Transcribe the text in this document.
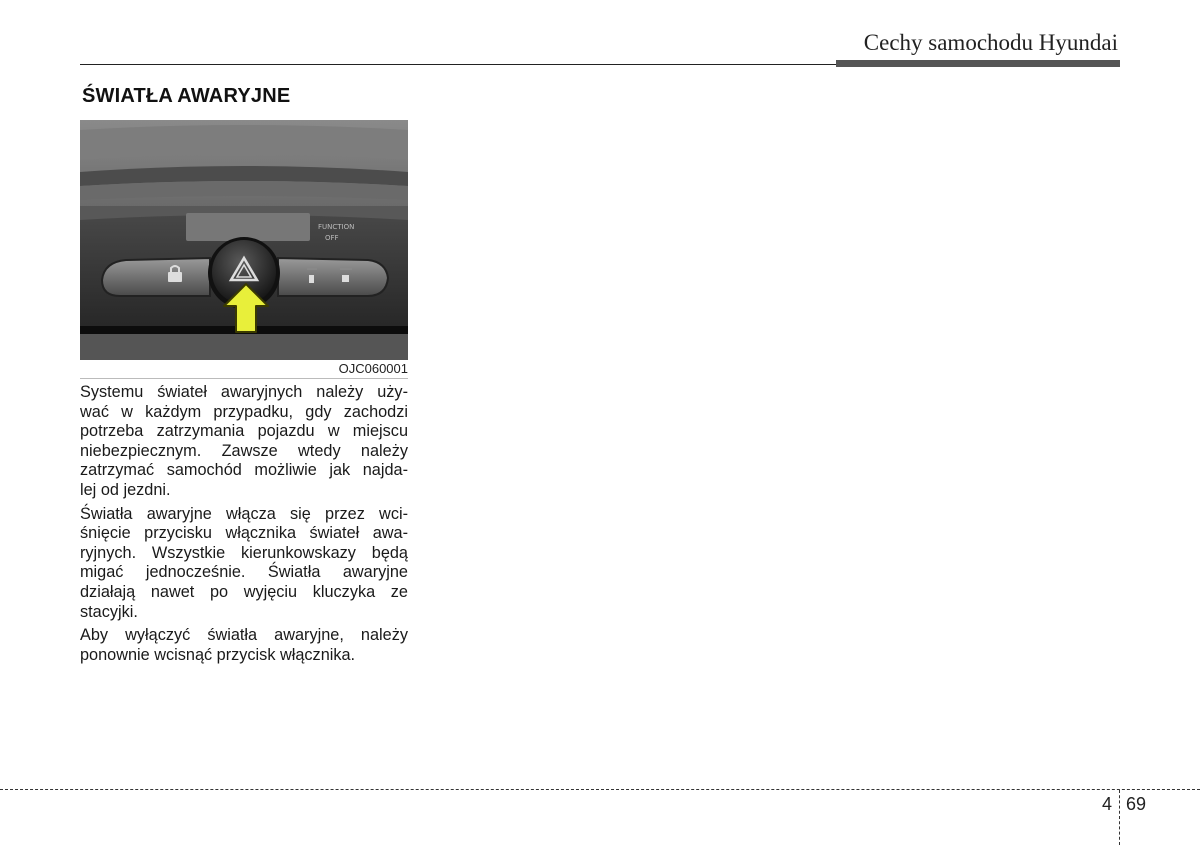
Cechy samochodu Hyundai
ŚWIATŁA AWARYJNE
FUNCTION
OFF
OJC060001

Systemu świateł awaryjnych należy uży-
wać w każdym przypadku, gdy zachodzi
potrzeba zatrzymania pojazdu w miejscu
niebezpiecznym. Zawsze wtedy należy
zatrzymać samochód możliwie jak najda-
lej od jezdni.

Światła awaryjne włącza się przez wci-
śnięcie przycisku włącznika świateł awa-
ryjnych. Wszystkie kierunkowskazy będą
migać jednocześnie. Światła awaryjne
działają nawet po wyjęciu kluczyka ze
stacyjki.

Aby wyłączyć światła awaryjne, należy
ponownie wcisnąć przycisk włącznika.

4 69
